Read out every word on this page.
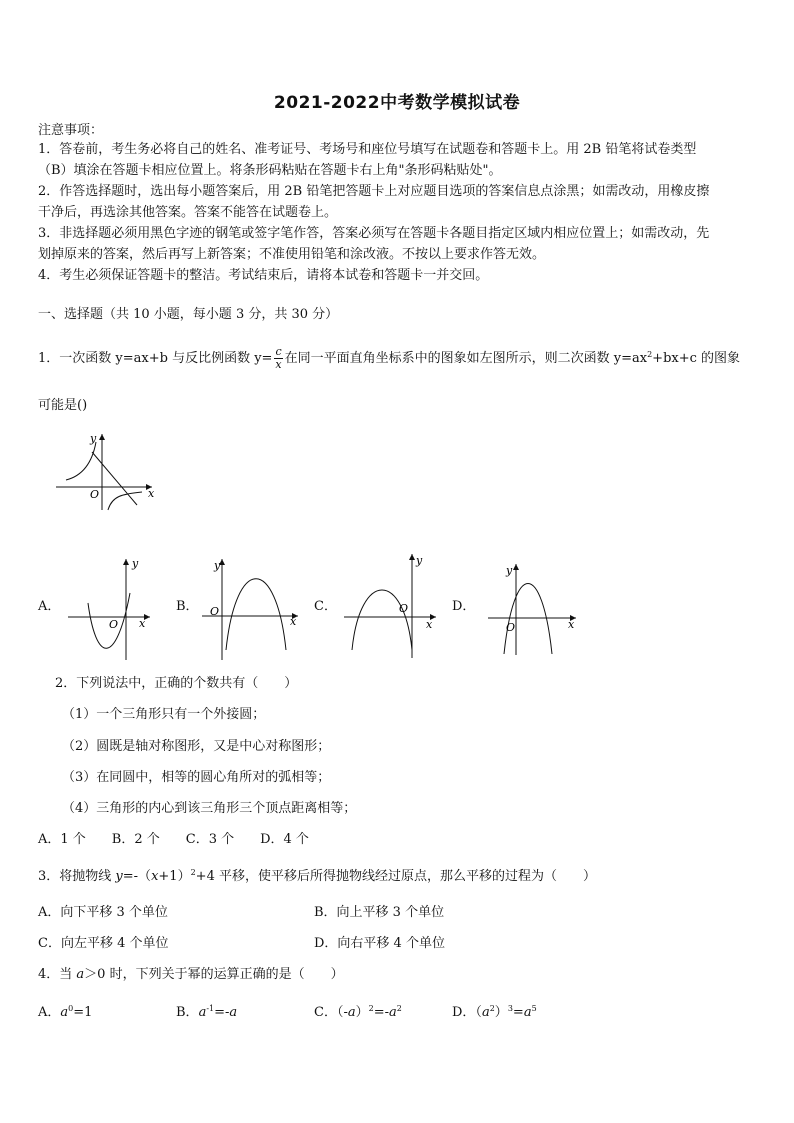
2021-2022中考数学模拟试卷
注意事项：
1．答卷前，考生务必将自己的姓名、准考证号、考场号和座位号填写在试题卷和答题卡上。用 2B 铅笔将试卷类型
（B）填涂在答题卡相应位置上。将条形码粘贴在答题卡右上角"条形码粘贴处"。
2．作答选择题时，选出每小题答案后，用 2B 铅笔把答题卡上对应题目选项的答案信息点涂黑；如需改动，用橡皮擦
干净后，再选涂其他答案。答案不能答在试题卷上。
3．非选择题必须用黑色字迹的钢笔或签字笔作答，答案必须写在答题卡各题目指定区域内相应位置上；如需改动，先
划掉原来的答案，然后再写上新答案；不准使用铅笔和涂改液。不按以上要求作答无效。
4．考生必须保证答题卡的整洁。考试结束后，请将本试卷和答题卡一并交回。
一、选择题（共 10 小题，每小题 3 分，共 30 分）
1．一次函数 y=ax+b 与反比例函数 $y= \frac{c}{x}$ 在同一平面直角坐标系中的图象如左图所示，则二次函数 $y=ax^2+bx+c$ 的图象
可能是()
x
y
O
A．	B．	C．	D．
x
y
O	x
y
O
x
y
O
x
y
O
2．下列说法中，正确的个数共有（　　）
（1）一个三角形只有一个外接圆；
（2）圆既是轴对称图形，又是中心对称图形；
（3）在同圆中，相等的圆心角所对的弧相等；
（4）三角形的内心到该三角形三个顶点距离相等；
A．1 个　　B．2 个　　C．3 个　　D．4 个
3．将抛物线 $y=-(x+1)^2+4$ 平移，使平移后所得抛物线经过原点，那么平移的过程为（　　）
A．向下平移 3 个单位	B．向上平移 3 个单位
C．向左平移 4 个单位	D．向右平移 4 个单位
4．当 a＞0 时，下列关于幂的运算正确的是（　　）
A．$a^0=1$	B．$a^{-1}=-a$	C．$(-a)^2=-a^2$	D．$(a^2)^3=a^5$
